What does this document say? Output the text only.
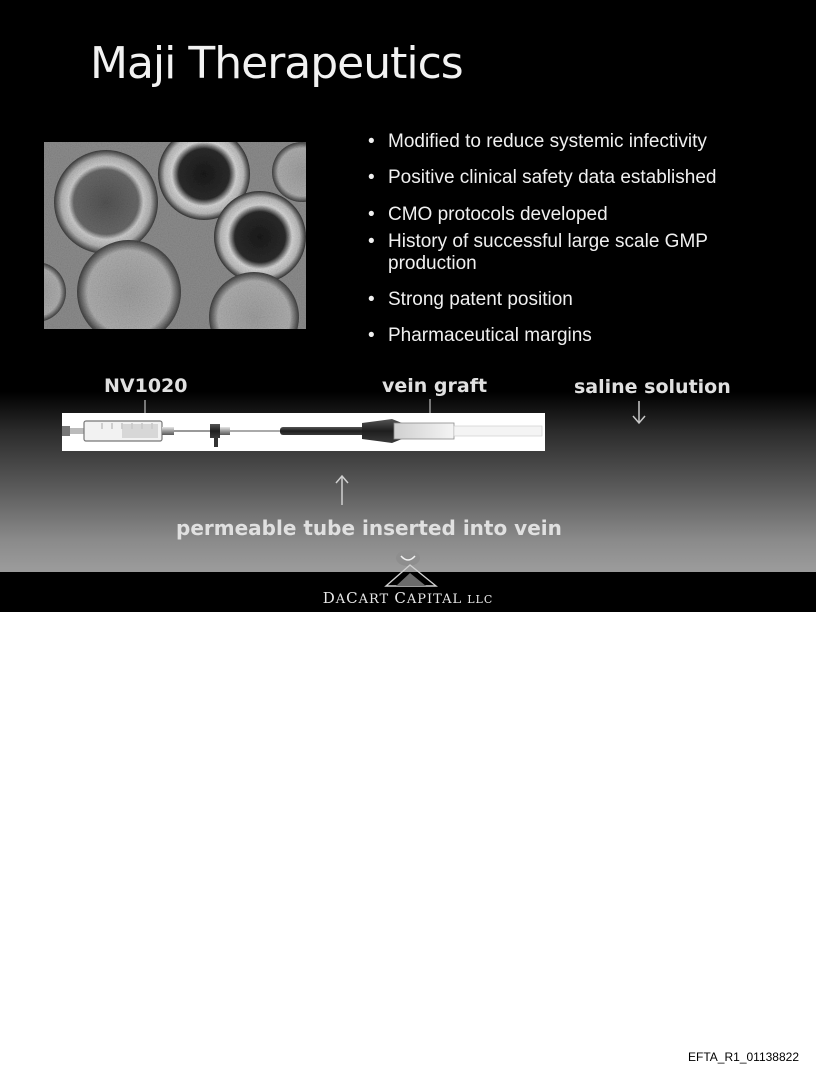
Maji Therapeutics
• Modified to reduce systemic infectivity
• Positive clinical safety data established
• CMO protocols developed
• History of successful large scale GMP production
• Strong patent position
• Pharmaceutical margins
NV1020	vein graft	saline solution
permeable tube inserted into vein
DACART CAPITAL LLC
EFTA_R1_01138822
